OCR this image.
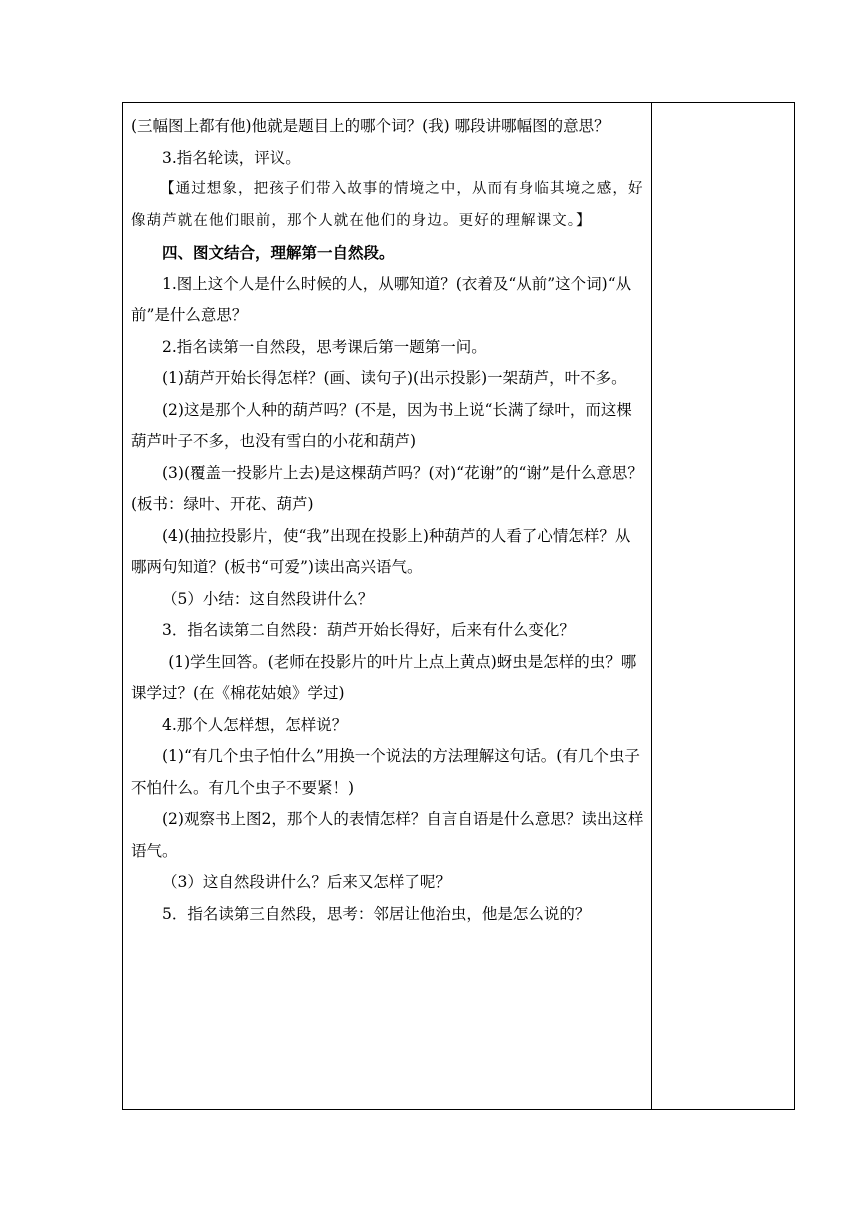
(三幅图上都有他)他就是题目上的哪个词？(我) 哪段讲哪幅图的意思？

3.指名轮读，评议。

【通过想象，把孩子们带入故事的情境之中，从而有身临其境之感，好像葫芦就在他们眼前，那个人就在他们的身边。更好的理解课文。】

四、图文结合，理解第一自然段。

1.图上这个人是什么时候的人，从哪知道？(衣着及“从前”这个词)“从前”是什么意思？

2.指名读第一自然段，思考课后第一题第一问。

(1)葫芦开始长得怎样？(画、读句子)(出示投影)一架葫芦，叶不多。

(2)这是那个人种的葫芦吗？(不是，因为书上说“长满了绿叶，而这棵葫芦叶子不多，也没有雪白的小花和葫芦)

(3)(覆盖一投影片上去)是这棵葫芦吗？(对)“花谢”的“谢”是什么意思？(板书：绿叶、开花、葫芦)

(4)(抽拉投影片，使“我”出现在投影上)种葫芦的人看了心情怎样？从哪两句知道？(板书“可爱”)读出高兴语气。

（5）小结：这自然段讲什么？

3．指名读第二自然段：葫芦开始长得好，后来有什么变化？

(1)学生回答。(老师在投影片的叶片上点上黄点)蚜虫是怎样的虫？哪课学过？(在《棉花姑娘》学过)

4.那个人怎样想，怎样说？

(1)“有几个虫子怕什么”用换一个说法的方法理解这句话。(有几个虫子不怕什么。有几个虫子不要紧！)

(2)观察书上图2，那个人的表情怎样？自言自语是什么意思？读出这样语气。

（3）这自然段讲什么？后来又怎样了呢？

5．指名读第三自然段，思考：邻居让他治虫，他是怎么说的？
